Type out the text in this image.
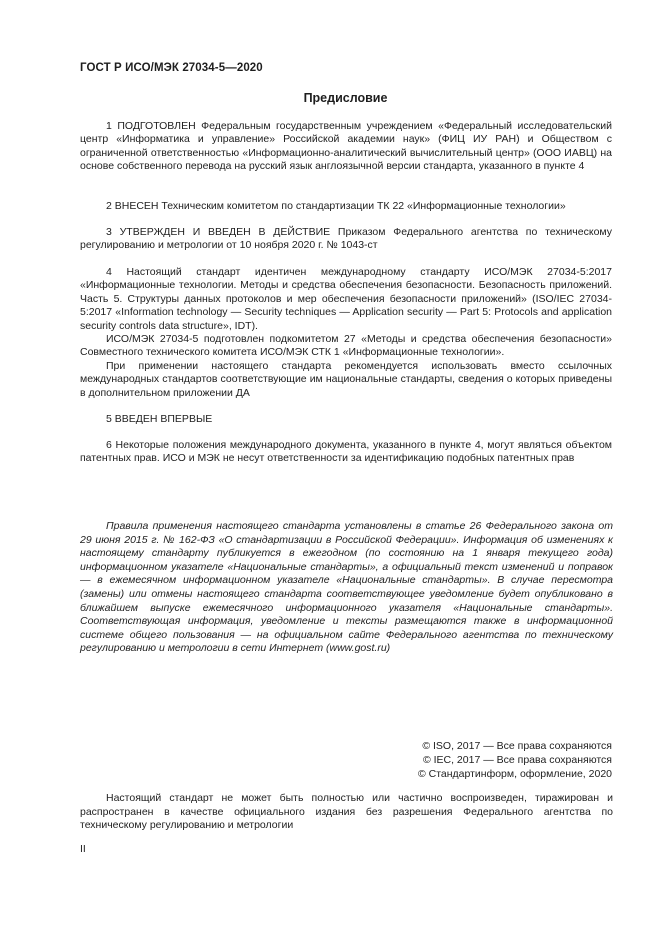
ГОСТ Р ИСО/МЭК 27034-5—2020
Предисловие

1 ПОДГОТОВЛЕН Федеральным государственным учреждением «Федеральный исследовательский центр «Информатика и управление» Российской академии наук» (ФИЦ ИУ РАН) и Обществом с ограниченной ответственностью «Информационно-аналитический вычислительный центр» (ООО ИАВЦ) на основе собственного перевода на русский язык англоязычной версии стандарта, указанного в пункте 4

2 ВНЕСЕН Техническим комитетом по стандартизации ТК 22 «Информационные технологии»

3 УТВЕРЖДЕН И ВВЕДЕН В ДЕЙСТВИЕ Приказом Федерального агентства по техническому регулированию и метрологии от 10 ноября 2020 г. № 1043-ст

4 Настоящий стандарт идентичен международному стандарту ИСО/МЭК 27034-5:2017 «Информационные технологии. Методы и средства обеспечения безопасности. Безопасность приложений. Часть 5. Структуры данных протоколов и мер обеспечения безопасности приложений» (ISO/IEC 27034-5:2017 «Information technology — Security techniques — Application security — Part 5: Protocols and application security controls data structure», IDT).

ИСО/МЭК 27034-5 подготовлен подкомитетом 27 «Методы и средства обеспечения безопасности» Совместного технического комитета ИСО/МЭК СТК 1 «Информационные технологии».

При применении настоящего стандарта рекомендуется использовать вместо ссылочных международных стандартов соответствующие им национальные стандарты, сведения о которых приведены в дополнительном приложении ДА

5 ВВЕДЕН ВПЕРВЫЕ

6 Некоторые положения международного документа, указанного в пункте 4, могут являться объектом патентных прав. ИСО и МЭК не несут ответственности за идентификацию подобных патентных прав

Правила применения настоящего стандарта установлены в статье 26 Федерального закона от 29 июня 2015 г. № 162-ФЗ «О стандартизации в Российской Федерации». Информация об изменениях к настоящему стандарту публикуется в ежегодном (по состоянию на 1 января текущего года) информационном указателе «Национальные стандарты», а официальный текст изменений и поправок — в ежемесячном информационном указателе «Национальные стандарты». В случае пересмотра (замены) или отмены настоящего стандарта соответствующее уведомление будет опубликовано в ближайшем выпуске ежемесячного информационного указателя «Национальные стандарты». Соответствующая информация, уведомление и тексты размещаются также в информационной системе общего пользования — на официальном сайте Федерального агентства по техническому регулированию и метрологии в сети Интернет (www.gost.ru)

© ISO, 2017 — Все права сохраняются
© IEC, 2017 — Все права сохраняются
© Стандартинформ, оформление, 2020

Настоящий стандарт не может быть полностью или частично воспроизведен, тиражирован и распространен в качестве официального издания без разрешения Федерального агентства по техническому регулированию и метрологии

II
